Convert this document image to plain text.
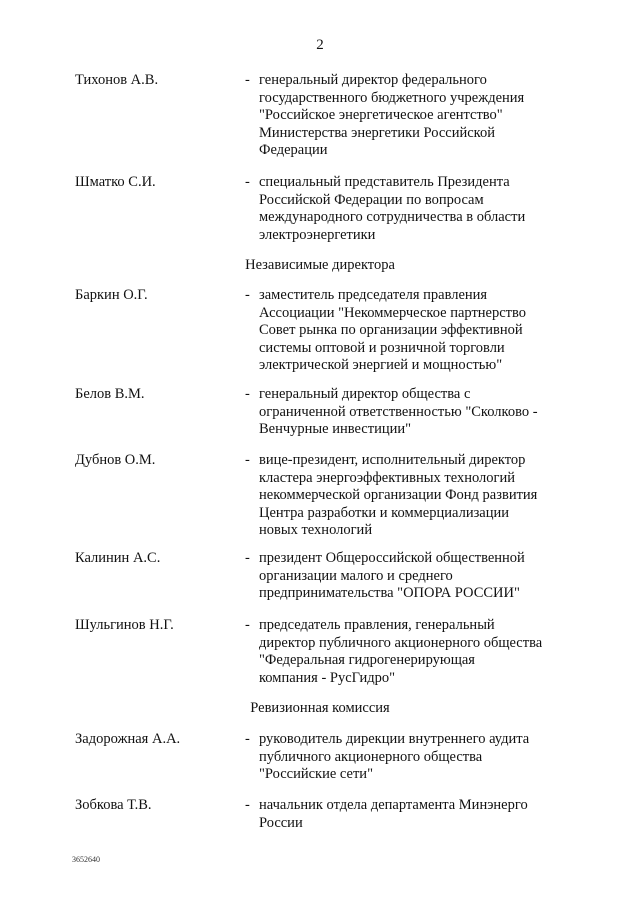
2
Тихонов А.В.	- генеральный директор федерального
государственного бюджетного учреждения
"Российское энергетическое агентство"
Министерства энергетики Российской
Федерации
Шматко С.И.	- специальный представитель Президента
Российской Федерации по вопросам
международного сотрудничества в области
электроэнергетики
Независимые директора
Баркин О.Г.	- заместитель председателя правления
Ассоциации "Некоммерческое партнерство
Совет рынка по организации эффективной
системы оптовой и розничной торговли
электрической энергией и мощностью"
Белов В.М.	- генеральный директор общества с
ограниченной ответственностью "Сколково -
Венчурные инвестиции"
Дубнов О.М.	- вице-президент, исполнительный директор
кластера энергоэффективных технологий
некоммерческой организации Фонд развития
Центра разработки и коммерциализации
новых технологий
Калинин А.С.	- президент Общероссийской общественной
организации малого и среднего
предпринимательства "ОПОРА РОССИИ"
Шульгинов Н.Г.	- председатель правления, генеральный
директор публичного акционерного общества
"Федеральная гидрогенерирующая
компания - РусГидро"
Ревизионная комиссия
Задорожная А.А.	- руководитель дирекции внутреннего аудита
публичного акционерного общества
"Российские сети"
Зобкова Т.В.	- начальник отдела департамента Минэнерго
России
3652640
